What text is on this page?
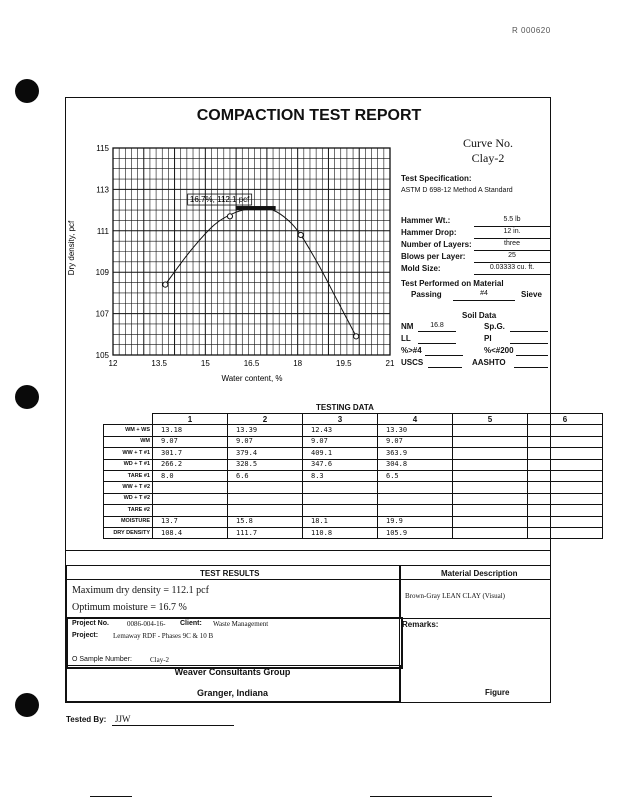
R 000620
COMPACTION TEST REPORT
12	13.5	15	16.5	18	19.5	21
105
107
109
111
113
115
16.7%, 112.1 pcf
Dry density, pcf
Water content, %
Curve No.
Clay-2
Test Specification:
ASTM D 698-12 Method A Standard
Hammer Wt.:	5.5 lb
Hammer Drop:	12 in.
Number of Layers:	three
Blows per Layer:	25
Mold Size:	0.03333 cu. ft.
Test Performed on Material
Passing	#4	Sieve
Soil Data
NM	16.8	Sp.G.
LL	PI
%>#4	%<#200
USCS	AASHTO
TESTING DATA
	1	2	3	4	5	6
WM + WS	13.18	13.39	12.43	13.30		
WM	9.07	9.07	9.07	9.07		
WW + T #1	301.7	379.4	409.1	363.9		
WD + T #1	266.2	328.5	347.6	304.8		
TARE #1	8.0	6.6	8.3	6.5		
WW + T #2						
WD + T #2						
TARE #2						
MOISTURE	13.7	15.8	18.1	19.9		
DRY DENSITY	108.4	111.7	110.8	105.9		
TEST RESULTS	Material Description
Maximum dry density = 112.1 pcf
Optimum moisture = 16.7 %
Brown-Gray LEAN CLAY (Visual)
Project No.	0086-004-16- Client: Waste Management
Project: Lemaway RDF - Phases 9C & 10 B
O Sample Number:	Clay-2
Remarks:
Weaver Consultants Group
Granger, Indiana	Figure
Tested By: JJW
